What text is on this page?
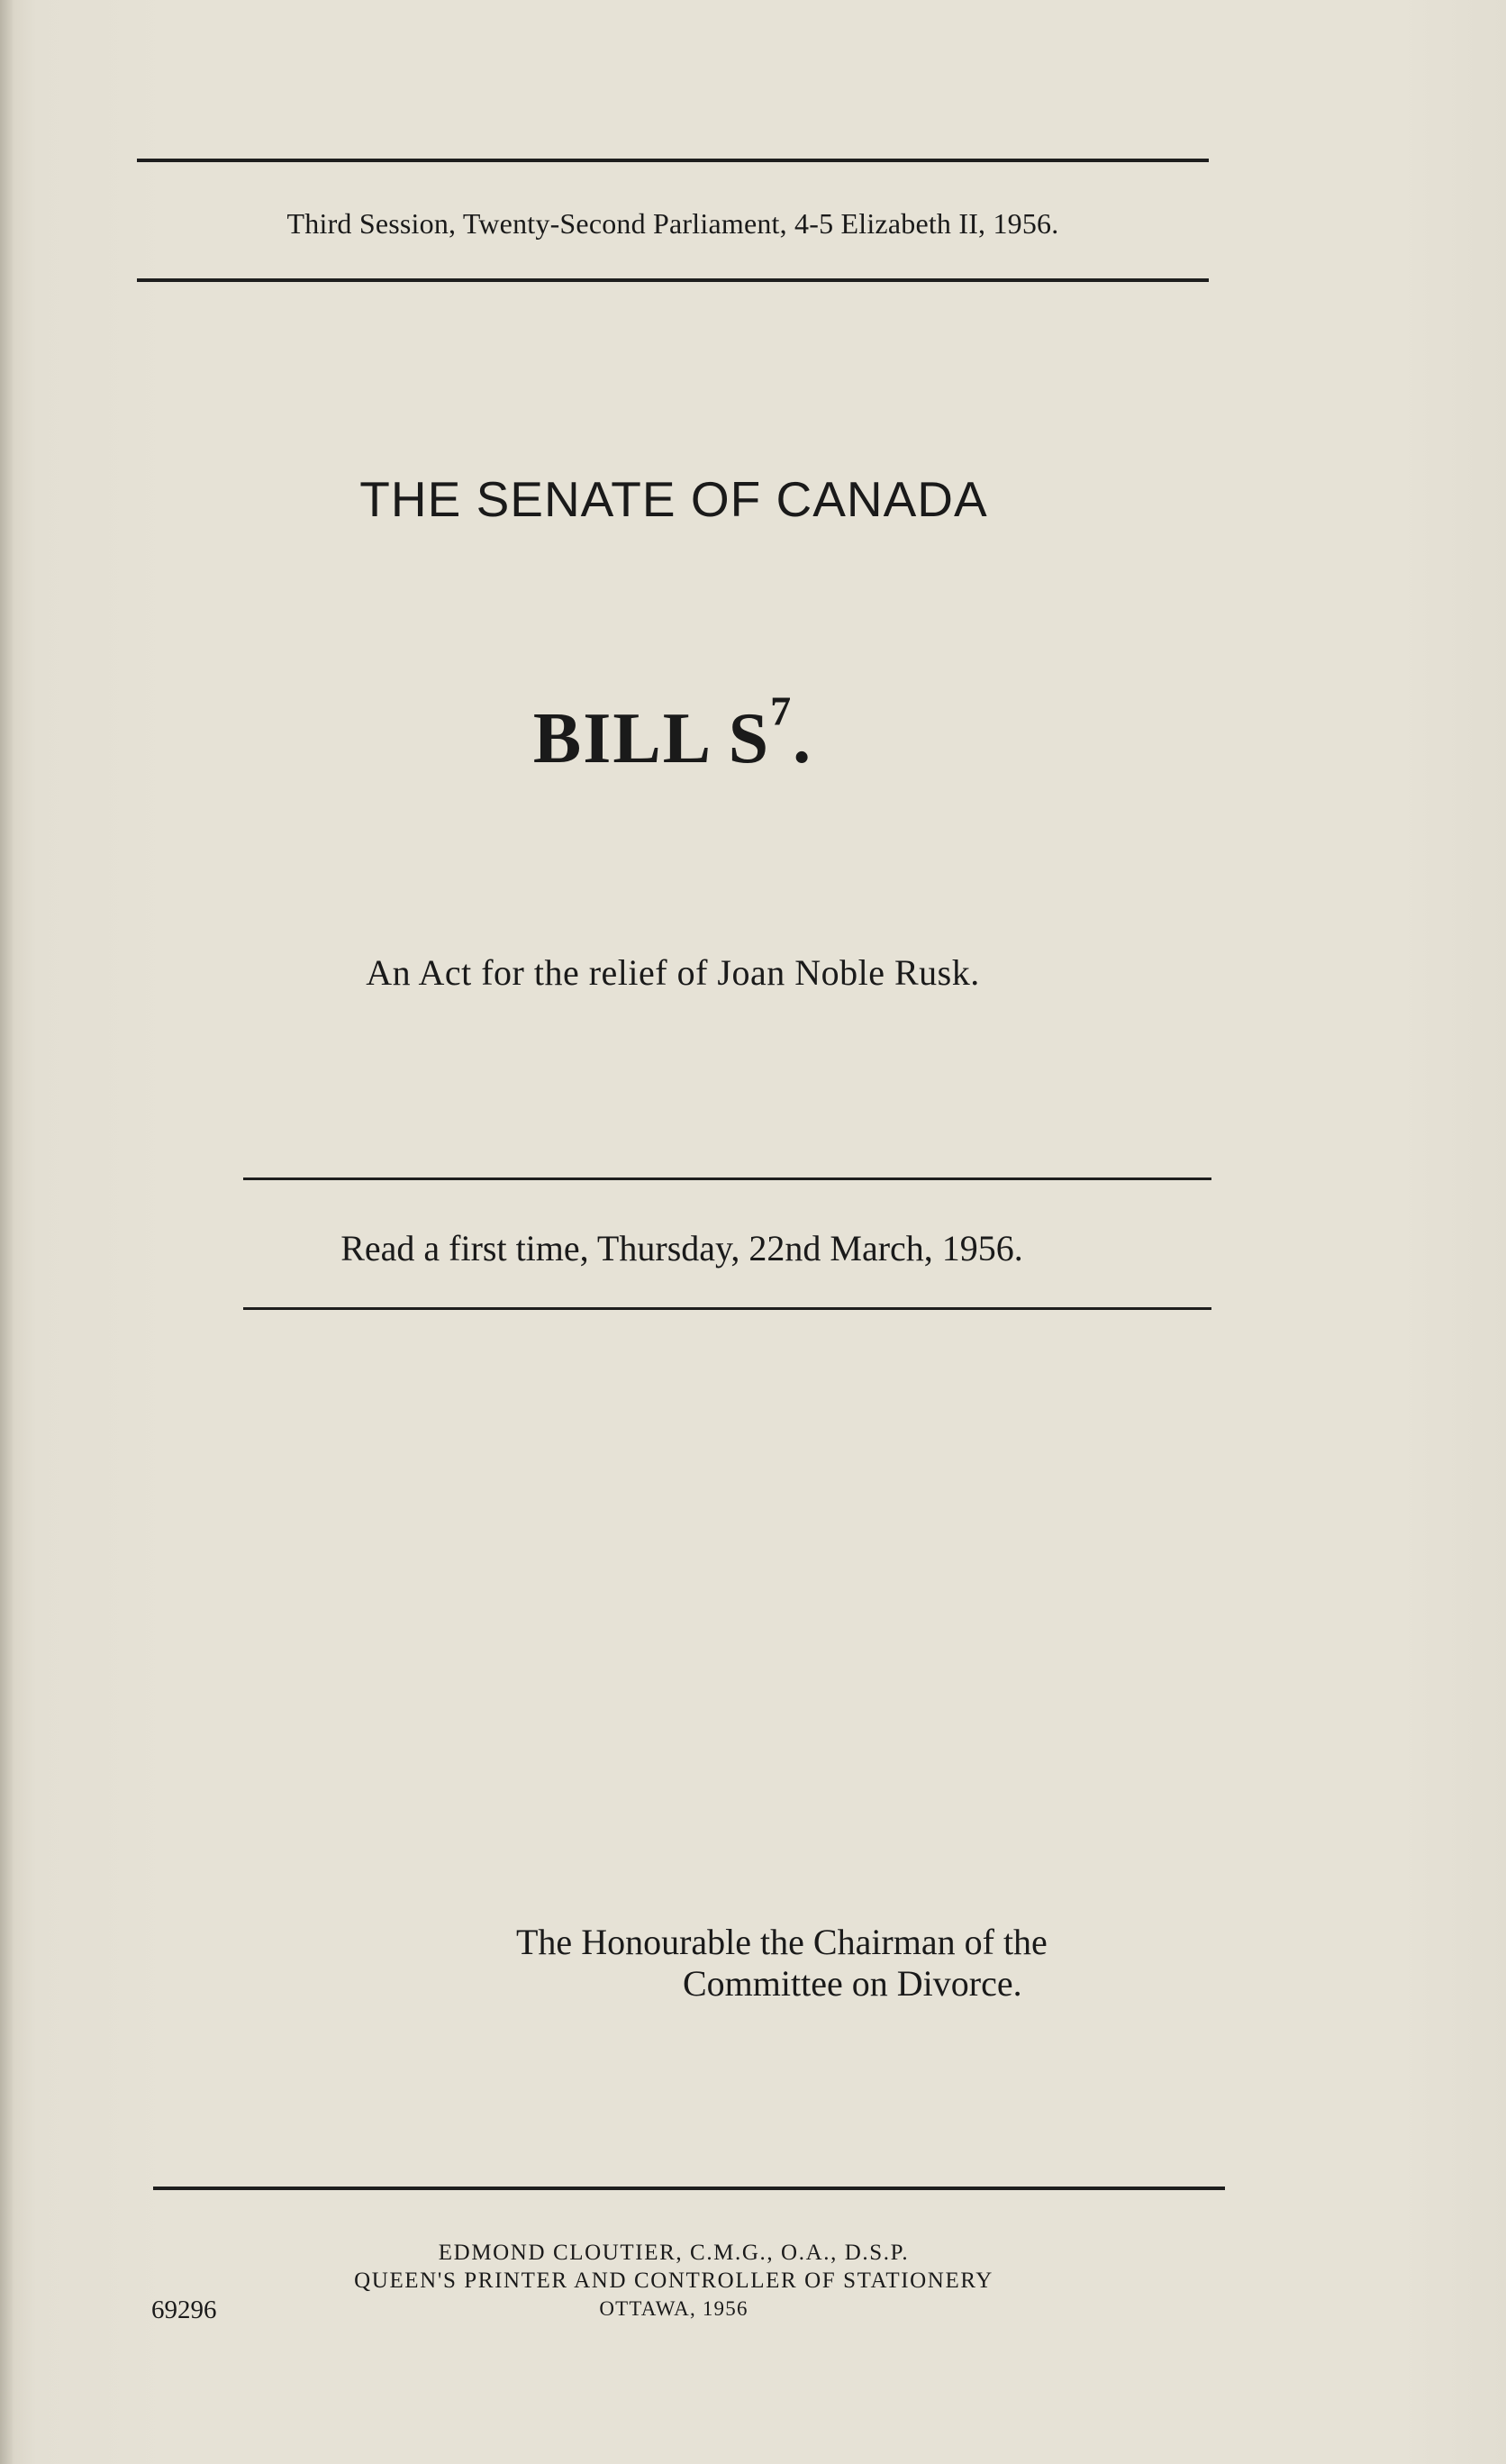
Third Session, Twenty-Second Parliament, 4-5 Elizabeth II, 1956.
THE SENATE OF CANADA
BILL $S^7$.
An Act for the relief of Joan Noble Rusk.
Read a first time, Thursday, 22nd March, 1956.
The Honourable the Chairman of the
Committee on Divorce.
EDMOND CLOUTIER, C.M.G., O.A., D.S.P.
QUEEN'S PRINTER AND CONTROLLER OF STATIONERY
OTTAWA, 1956
69296
